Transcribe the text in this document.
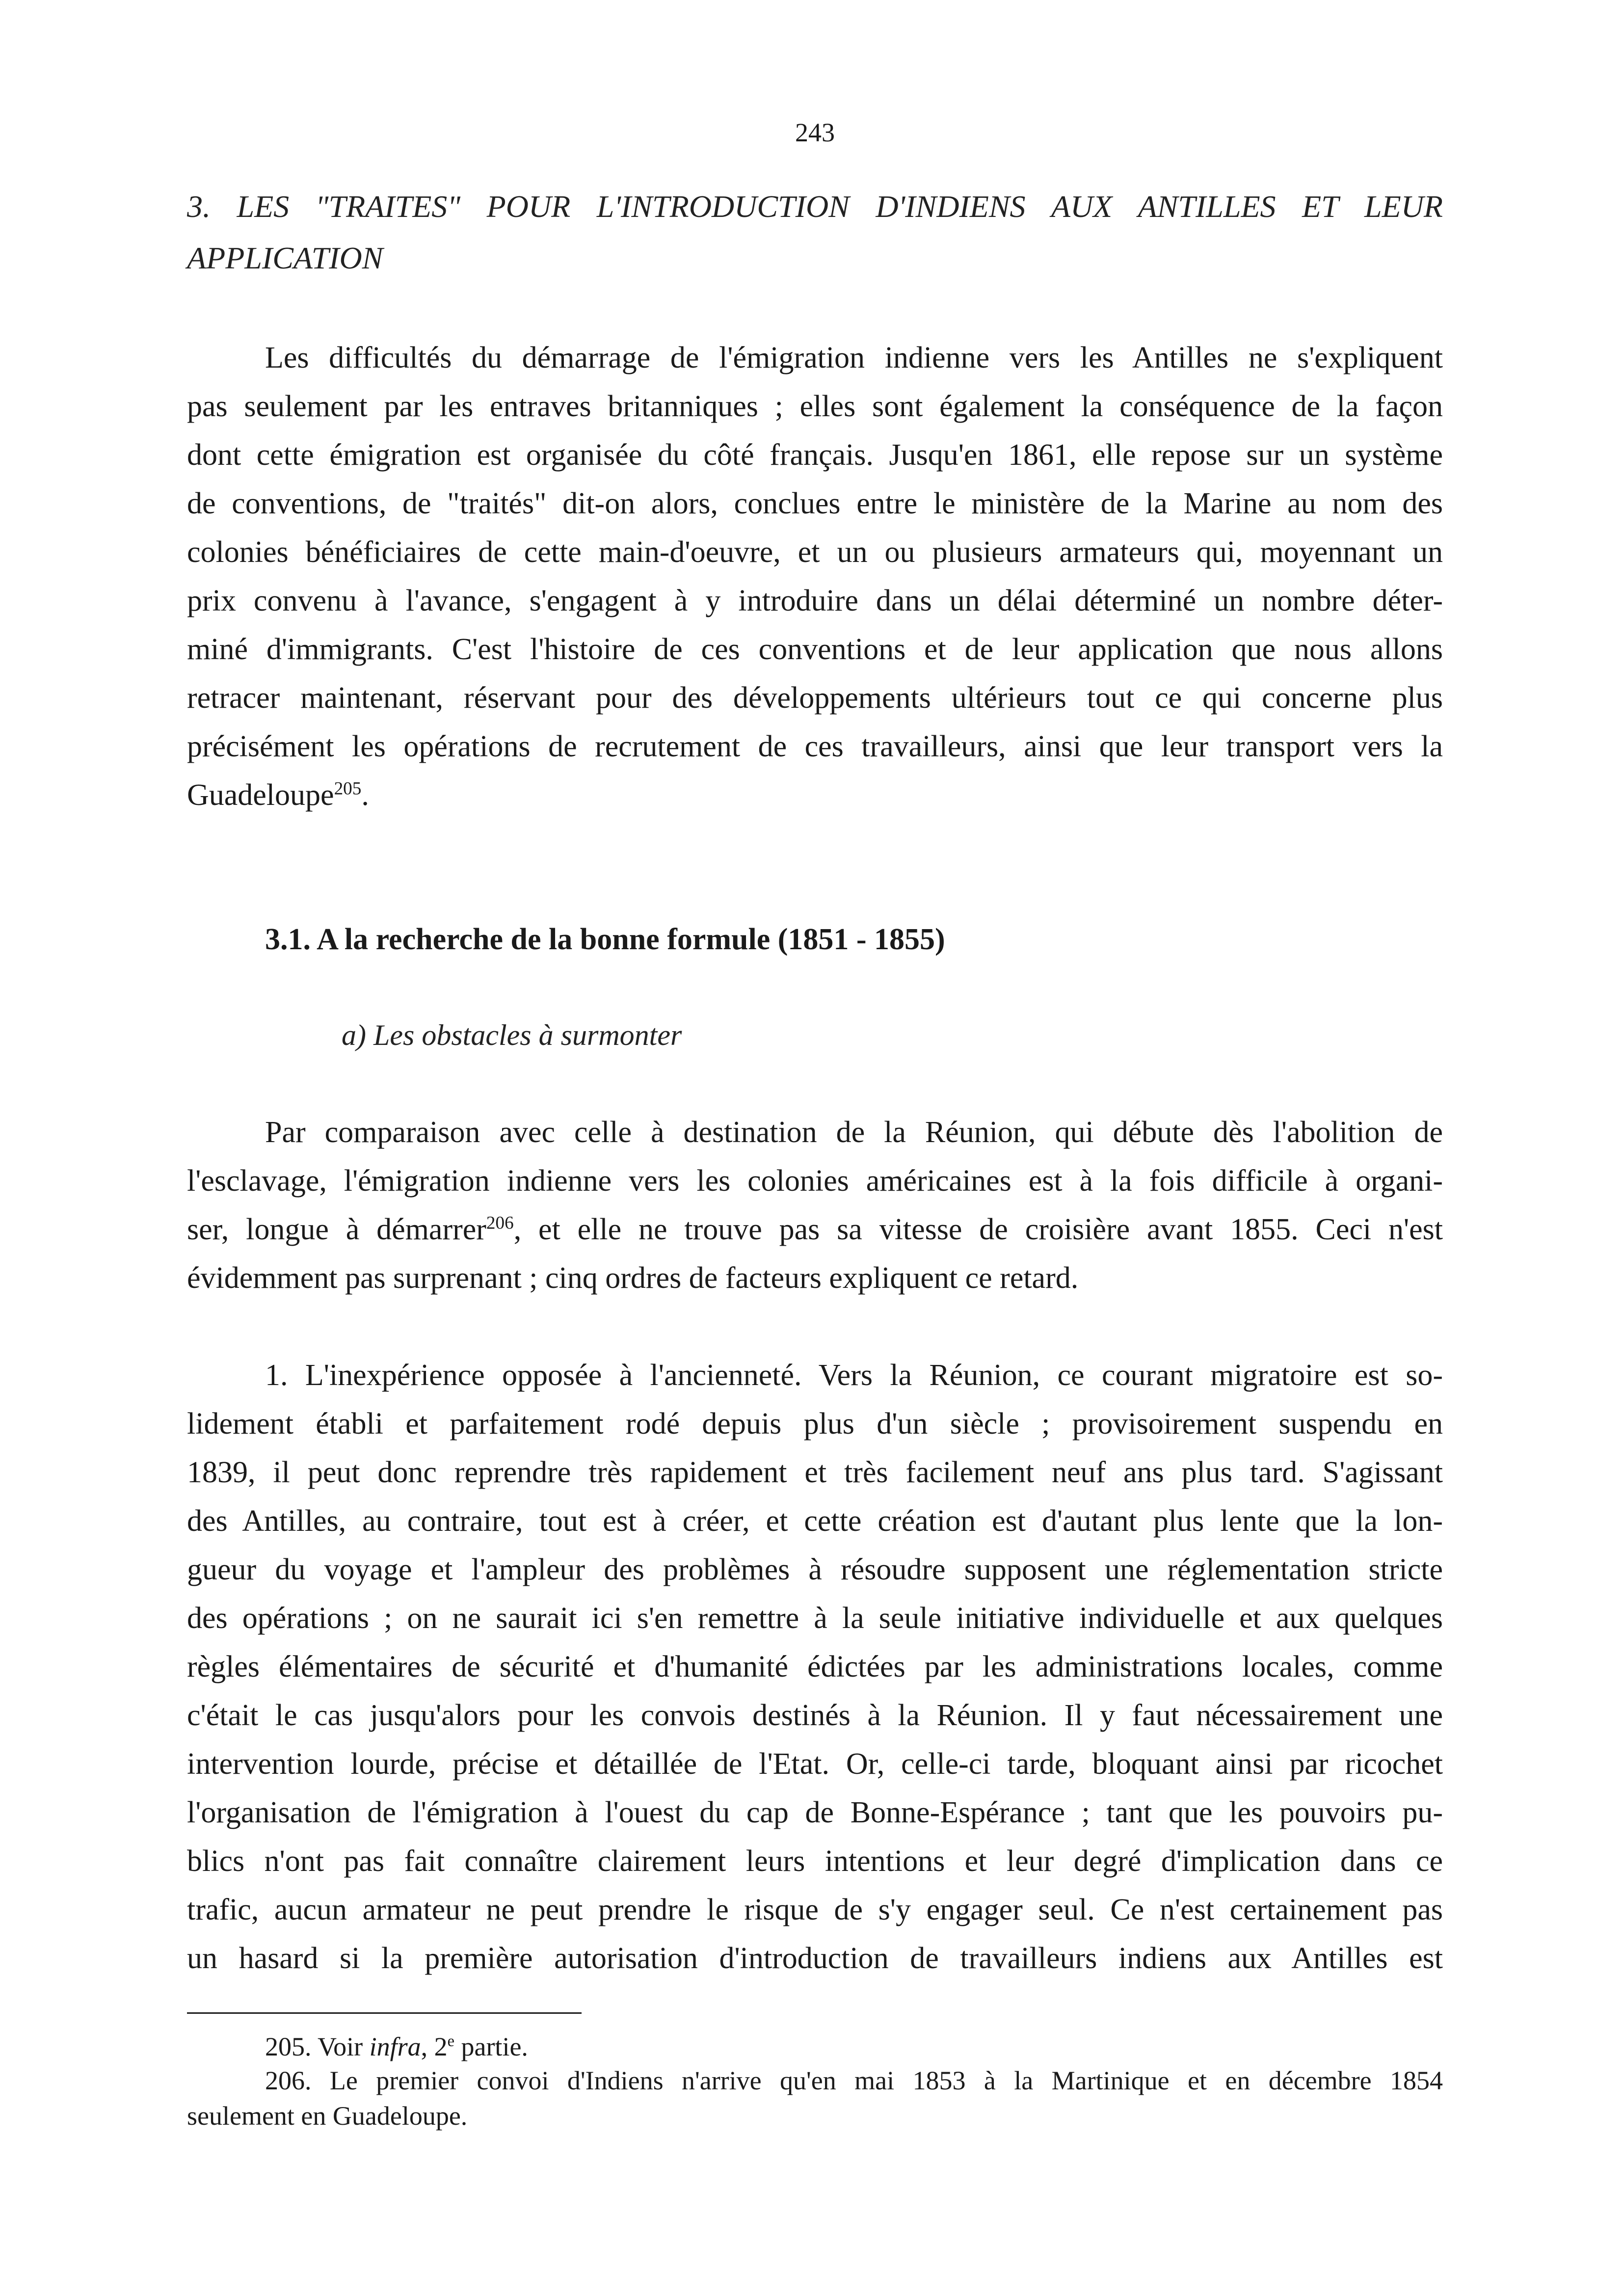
243
3. LES "TRAITES" POUR L'INTRODUCTION D'INDIENS AUX ANTILLES ET LEUR
APPLICATION
Les difficultés du démarrage de l'émigration indienne vers les Antilles ne s'expliquent
pas seulement par les entraves britanniques ; elles sont également la conséquence de la façon
dont cette émigration est organisée du côté français. Jusqu'en 1861, elle repose sur un système
de conventions, de "traités" dit-on alors, conclues entre le ministère de la Marine au nom des
colonies bénéficiaires de cette main-d'oeuvre, et un ou plusieurs armateurs qui, moyennant un
prix convenu à l'avance, s'engagent à y introduire dans un délai déterminé un nombre déter-
miné d'immigrants. C'est l'histoire de ces conventions et de leur application que nous allons
retracer maintenant, réservant pour des développements ultérieurs tout ce qui concerne plus
précisément les opérations de recrutement de ces travailleurs, ainsi que leur transport vers la
Guadeloupe$^{205}$.
3.1. A la recherche de la bonne formule (1851 - 1855)
a) Les obstacles à surmonter
Par comparaison avec celle à destination de la Réunion, qui débute dès l'abolition de
l'esclavage, l'émigration indienne vers les colonies américaines est à la fois difficile à organi-
ser, longue à démarrer$^{206}$, et elle ne trouve pas sa vitesse de croisière avant 1855. Ceci n'est
évidemment pas surprenant ; cinq ordres de facteurs expliquent ce retard.
1. L'inexpérience opposée à l'ancienneté. Vers la Réunion, ce courant migratoire est so-
lidement établi et parfaitement rodé depuis plus d'un siècle ; provisoirement suspendu en
1839, il peut donc reprendre très rapidement et très facilement neuf ans plus tard. S'agissant
des Antilles, au contraire, tout est à créer, et cette création est d'autant plus lente que la lon-
gueur du voyage et l'ampleur des problèmes à résoudre supposent une réglementation stricte
des opérations ; on ne saurait ici s'en remettre à la seule initiative individuelle et aux quelques
règles élémentaires de sécurité et d'humanité édictées par les administrations locales, comme
c'était le cas jusqu'alors pour les convois destinés à la Réunion. Il y faut nécessairement une
intervention lourde, précise et détaillée de l'Etat. Or, celle-ci tarde, bloquant ainsi par ricochet
l'organisation de l'émigration à l'ouest du cap de Bonne-Espérance ; tant que les pouvoirs pu-
blics n'ont pas fait connaître clairement leurs intentions et leur degré d'implication dans ce
trafic, aucun armateur ne peut prendre le risque de s'y engager seul. Ce n'est certainement pas
un hasard si la première autorisation d'introduction de travailleurs indiens aux Antilles est
205. Voir infra, 2e partie.
206. Le premier convoi d'Indiens n'arrive qu'en mai 1853 à la Martinique et en décembre 1854
seulement en Guadeloupe.
